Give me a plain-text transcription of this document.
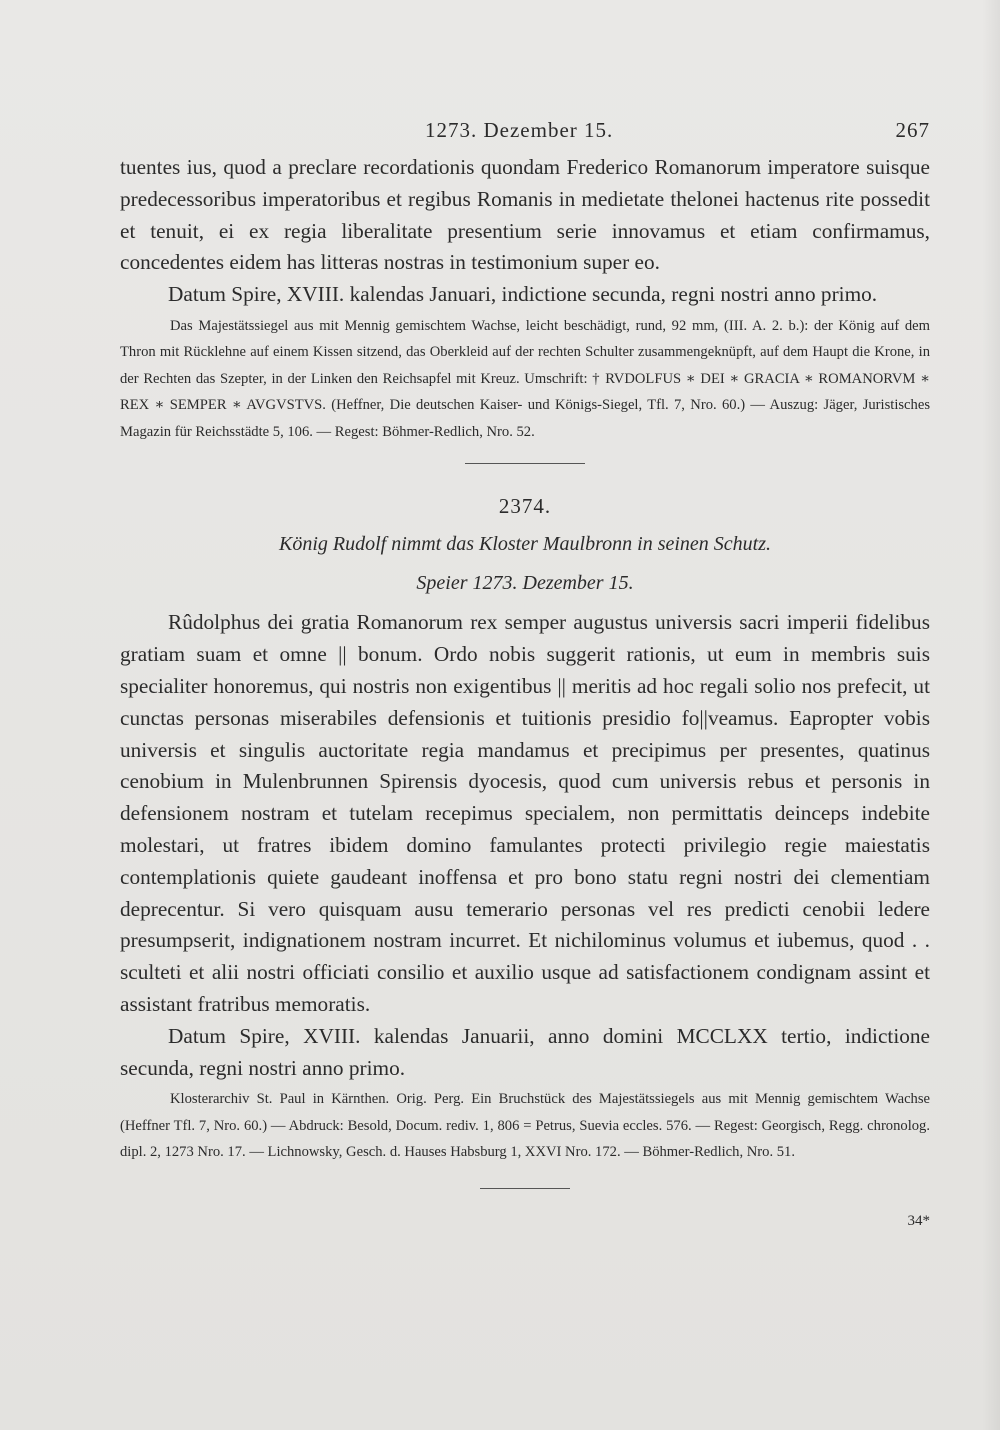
1273. Dezember 15.	267

tuentes ius, quod a preclare recordationis quondam Frederico Romanorum imperatore suisque predecessoribus imperatoribus et regibus Romanis in medietate thelonei hactenus rite possedit et tenuit, ei ex regia liberalitate presentium serie innovamus et etiam confirmamus, concedentes eidem has litteras nostras in testimonium super eo.

Datum Spire, XVIII. kalendas Januari, indictione secunda, regni nostri anno primo.

Das Majestätssiegel aus mit Mennig gemischtem Wachse, leicht beschädigt, rund, 92 mm, (III. A. 2. b.): der König auf dem Thron mit Rücklehne auf einem Kissen sitzend, das Oberkleid auf der rechten Schulter zusammengeknüpft, auf dem Haupt die Krone, in der Rechten das Szepter, in der Linken den Reichsapfel mit Kreuz. Umschrift: † RVDOLFUS ∗ DEI ∗ GRACIA ∗ ROMANORVM ∗ REX ∗ SEMPER ∗ AVGVSTVS. (Heffner, Die deutschen Kaiser- und Königs-Siegel, Tfl. 7, Nro. 60.) — Auszug: Jäger, Juristisches Magazin für Reichsstädte 5, 106. — Regest: Böhmer-Redlich, Nro. 52.

2374.
König Rudolf nimmt das Kloster Maulbronn in seinen Schutz.
Speier 1273. Dezember 15.

Rûdolphus dei gratia Romanorum rex semper augustus universis sacri imperii fidelibus gratiam suam et omne || bonum. Ordo nobis suggerit rationis, ut eum in membris suis specialiter honoremus, qui nostris non exigentibus || meritis ad hoc regali solio nos prefecit, ut cunctas personas miserabiles defensionis et tuitionis presidio fo||veamus. Eapropter vobis universis et singulis auctoritate regia mandamus et precipimus per presentes, quatinus cenobium in Mulenbrunnen Spirensis dyocesis, quod cum universis rebus et personis in defensionem nostram et tutelam recepimus specialem, non permittatis deinceps indebite molestari, ut fratres ibidem domino famulantes protecti privilegio regie maiestatis contemplationis quiete gaudeant inoffensa et pro bono statu regni nostri dei clementiam deprecentur. Si vero quisquam ausu temerario personas vel res predicti cenobii ledere presumpserit, indignationem nostram incurret. Et nichilominus volumus et iubemus, quod . . sculteti et alii nostri officiati consilio et auxilio usque ad satisfactionem condignam assint et assistant fratribus memoratis.

Datum Spire, XVIII. kalendas Januarii, anno domini MCCLXX tertio, indictione secunda, regni nostri anno primo.

Klosterarchiv St. Paul in Kärnthen. Orig. Perg. Ein Bruchstück des Majestätssiegels aus mit Mennig gemischtem Wachse (Heffner Tfl. 7, Nro. 60.) — Abdruck: Besold, Docum. rediv. 1, 806 = Petrus, Suevia eccles. 576. — Regest: Georgisch, Regg. chronolog. dipl. 2, 1273 Nro. 17. — Lichnowsky, Gesch. d. Hauses Habsburg 1, XXVI Nro. 172. — Böhmer-Redlich, Nro. 51.

34*
